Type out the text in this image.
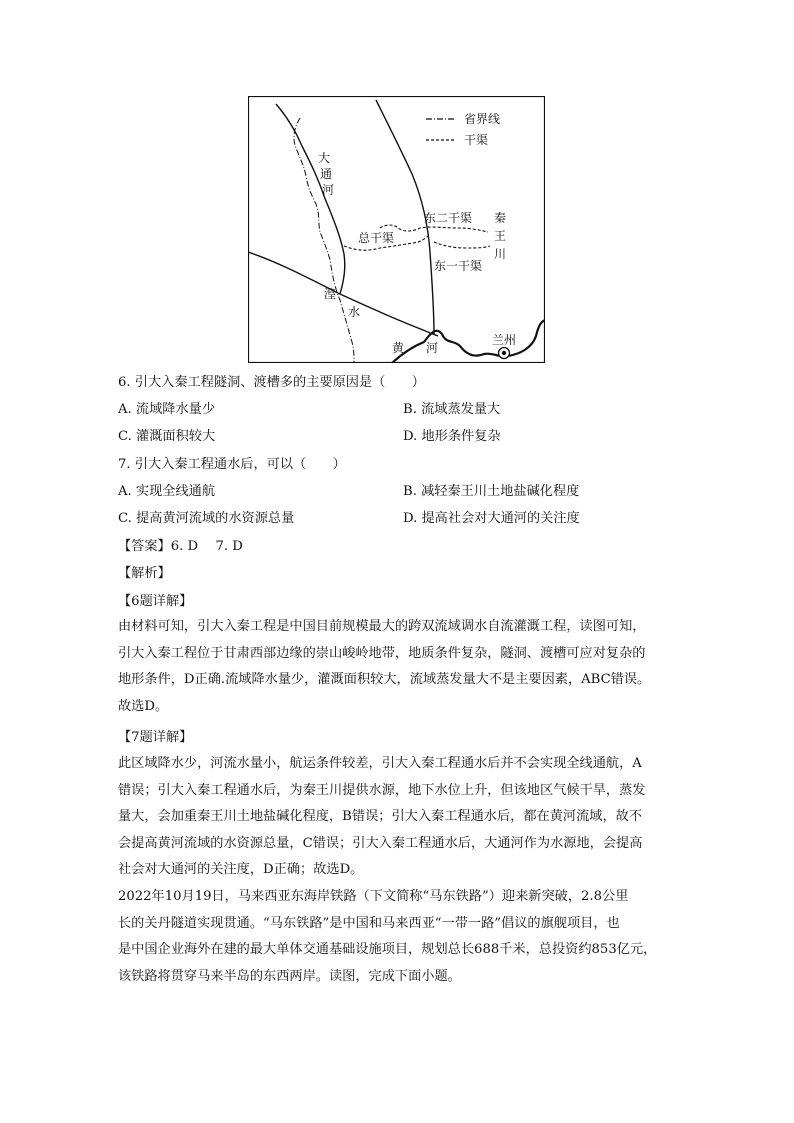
省界线
干渠
大
通
河
总干渠
东二干渠
东一干渠
秦
王
川
湟
水
黄 河
兰州
6. 引大入秦工程隧洞、渡槽多的主要原因是（　　）
A. 流域降水量少	B. 流域蒸发量大
C. 灌溉面积较大	D. 地形条件复杂
7. 引大入秦工程通水后，可以（　　）
A. 实现全线通航	B. 减轻秦王川土地盐碱化程度
C. 提高黄河流域的水资源总量	D. 提高社会对大通河的关注度
【答案】6. D　 7. D
【解析】
【6题详解】
由材料可知，引大入秦工程是中国目前规模最大的跨双流域调水自流灌溉工程，读图可知，
引大入秦工程位于甘肃西部边缘的崇山峻岭地带，地质条件复杂，隧洞、渡槽可应对复杂的
地形条件，D正确.流域降水量少，灌溉面积较大，流域蒸发量大不是主要因素，ABC错误。
故选D。
【7题详解】
此区域降水少，河流水量小，航运条件较差，引大入秦工程通水后并不会实现全线通航，A
错误；引大入秦工程通水后，为秦王川提供水源，地下水位上升，但该地区气候干旱，蒸发
量大，会加重秦王川土地盐碱化程度，B错误；引大入秦工程通水后，都在黄河流域，故不
会提高黄河流域的水资源总量，C错误；引大入秦工程通水后，大通河作为水源地，会提高
社会对大通河的关注度，D正确；故选D。
2022年10月19日，马来西亚东海岸铁路（下文简称“马东铁路”）迎来新突破，2.8公里
长的关丹隧道实现贯通。“马东铁路”是中国和马来西亚“一带一路”倡议的旗舰项目，也
是中国企业海外在建的最大单体交通基础设施项目，规划总长688千米，总投资约853亿元，
该铁路将贯穿马来半岛的东西两岸。读图，完成下面小题。
